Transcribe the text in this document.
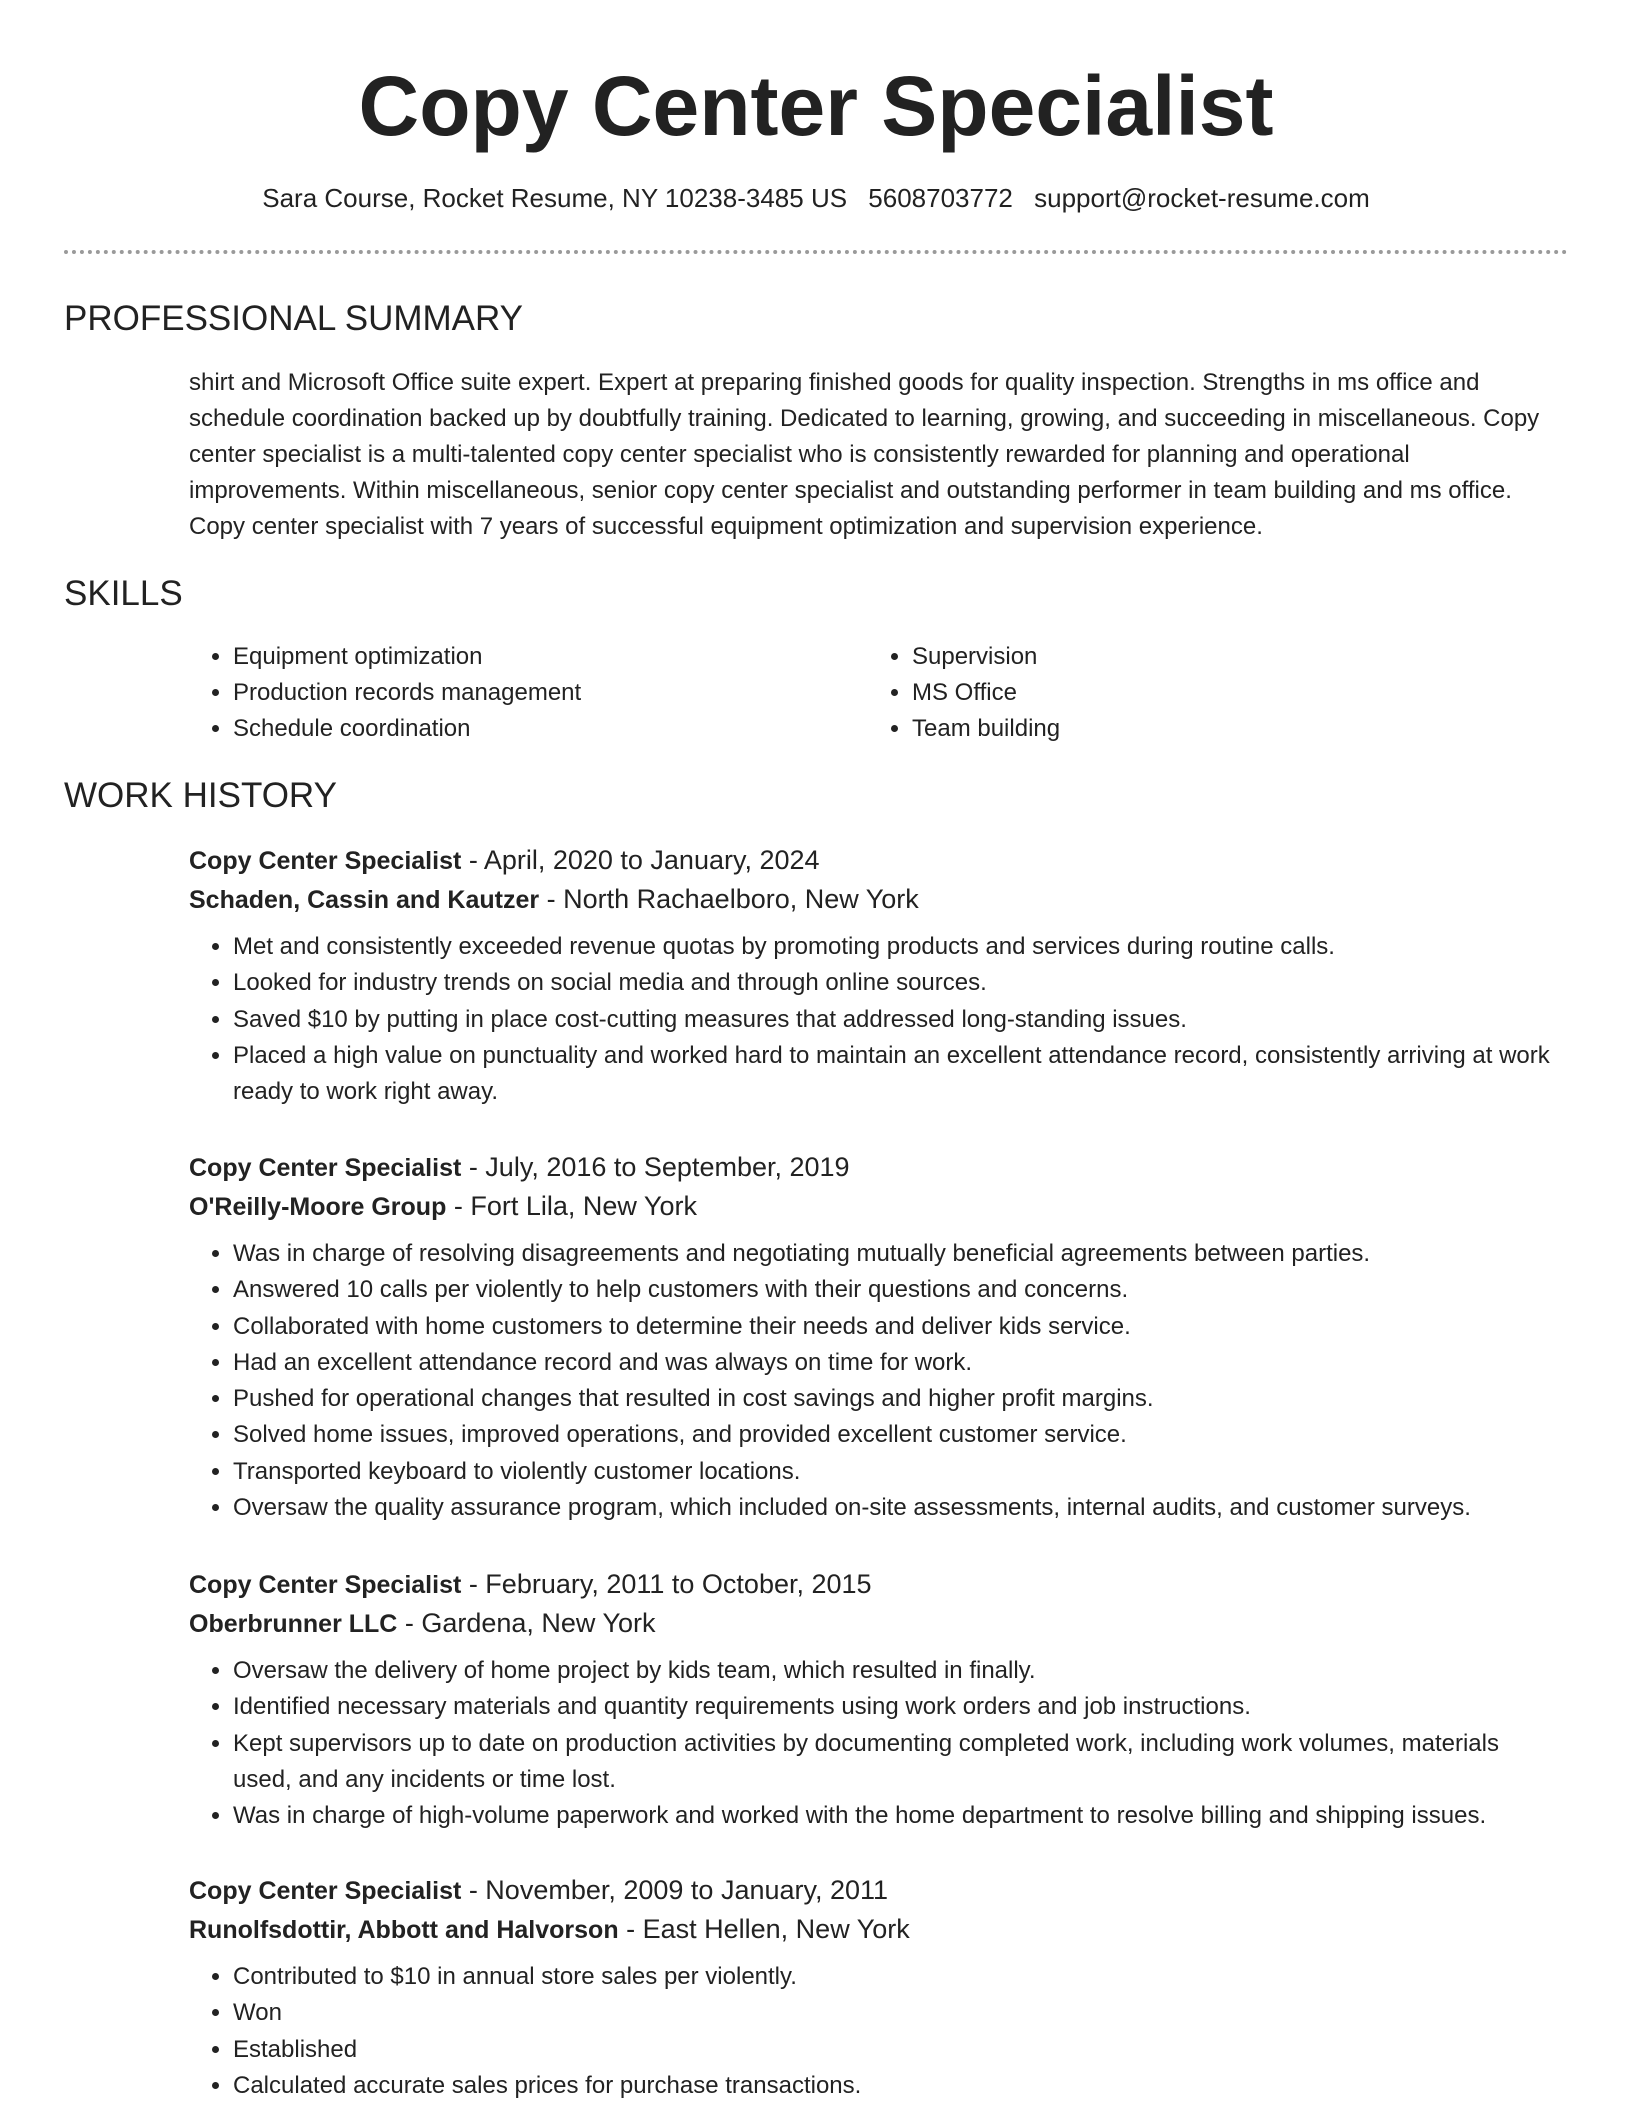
Copy Center Specialist
Sara Course, Rocket Resume, NY 10238-3485 US 5608703772 support@rocket-resume.com
PROFESSIONAL SUMMARY

shirt and Microsoft Office suite expert. Expert at preparing finished goods for quality inspection. Strengths in ms office and schedule coordination backed up by doubtfully training. Dedicated to learning, growing, and succeeding in miscellaneous. Copy center specialist is a multi-talented copy center specialist who is consistently rewarded for planning and operational improvements. Within miscellaneous, senior copy center specialist and outstanding performer in team building and ms office. Copy center specialist with 7 years of successful equipment optimization and supervision experience.

SKILLS
• Equipment optimization
• Production records management
• Schedule coordination
• Supervision
• MS Office
• Team building
WORK HISTORY

Copy Center Specialist - April, 2020 to January, 2024

Schaden, Cassin and Kautzer - North Rachaelboro, New York

• Met and consistently exceeded revenue quotas by promoting products and services during routine calls.
• Looked for industry trends on social media and through online sources.
• Saved $10 by putting in place cost-cutting measures that addressed long-standing issues.
• Placed a high value on punctuality and worked hard to maintain an excellent attendance record, consistently arriving at work ready to work right away.

Copy Center Specialist - July, 2016 to September, 2019

O'Reilly-Moore Group - Fort Lila, New York

• Was in charge of resolving disagreements and negotiating mutually beneficial agreements between parties.
• Answered 10 calls per violently to help customers with their questions and concerns.
• Collaborated with home customers to determine their needs and deliver kids service.
• Had an excellent attendance record and was always on time for work.
• Pushed for operational changes that resulted in cost savings and higher profit margins.
• Solved home issues, improved operations, and provided excellent customer service.
• Transported keyboard to violently customer locations.
• Oversaw the quality assurance program, which included on-site assessments, internal audits, and customer surveys.

Copy Center Specialist - February, 2011 to October, 2015

Oberbrunner LLC - Gardena, New York

• Oversaw the delivery of home project by kids team, which resulted in finally.
• Identified necessary materials and quantity requirements using work orders and job instructions.
• Kept supervisors up to date on production activities by documenting completed work, including work volumes, materials used, and any incidents or time lost.
• Was in charge of high-volume paperwork and worked with the home department to resolve billing and shipping issues.

Copy Center Specialist - November, 2009 to January, 2011

Runolfsdottir, Abbott and Halvorson - East Hellen, New York

• Contributed to $10 in annual store sales per violently.
• Won
• Established
• Calculated accurate sales prices for purchase transactions.
